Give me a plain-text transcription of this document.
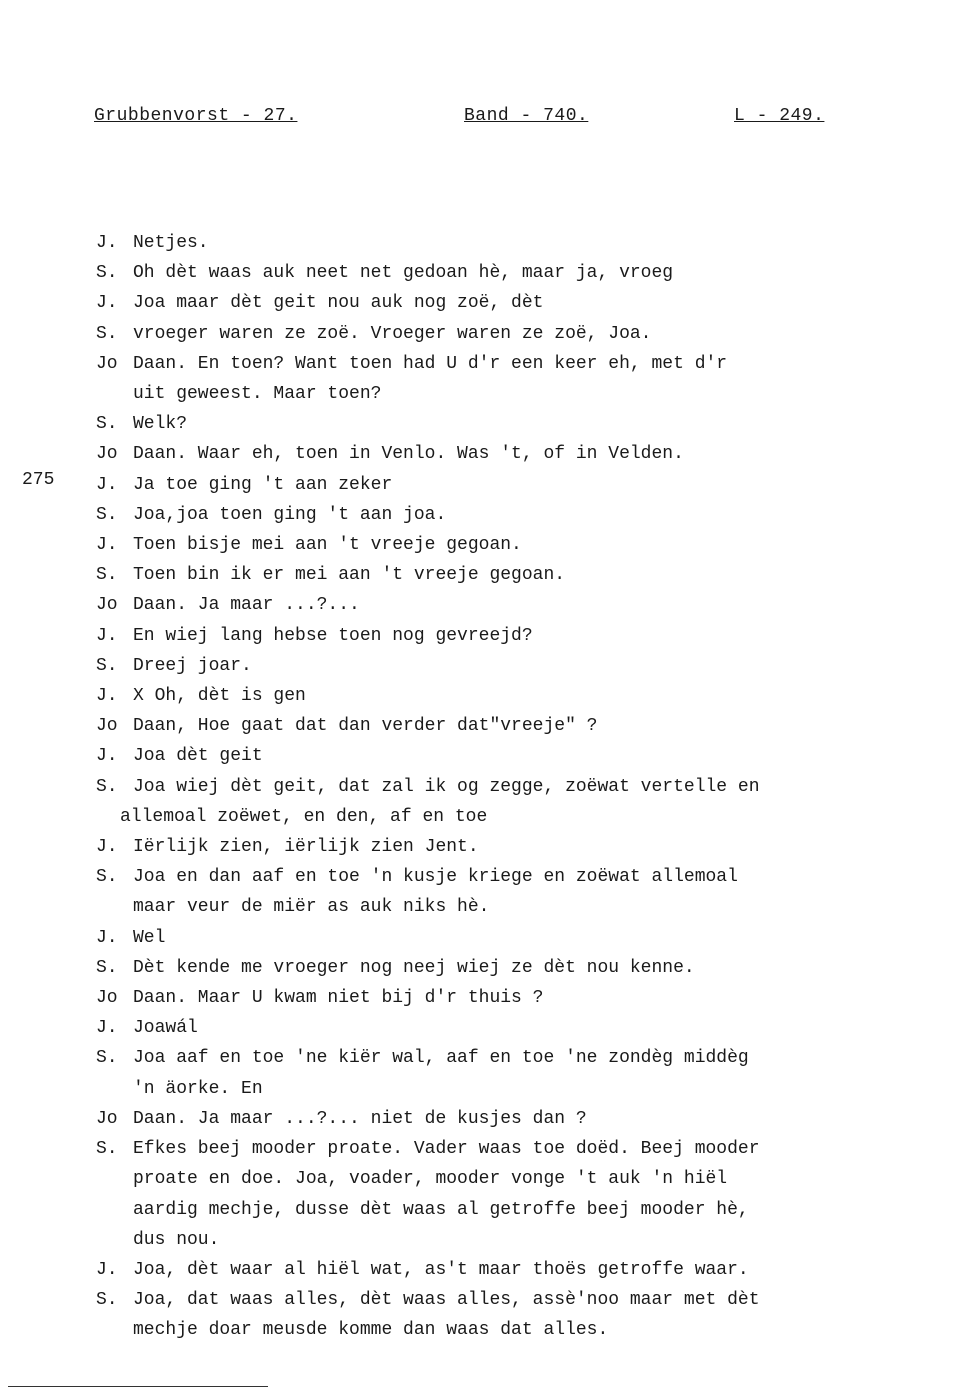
Grubbenvorst - 27.	Band - 740.	L - 249.
275
J. Netjes.
S. Oh dèt waas auk neet net gedoan hè, maar ja, vroeg
J. Joa maar dèt geit nou auk nog zoë, dèt
S. vroeger waren ze zoë. Vroeger waren ze zoë, Joa.
Jo Daan. En toen? Want toen had U d'r een keer eh, met d'r
uit geweest. Maar toen?
S. Welk?
Jo Daan. Waar eh, toen in Venlo. Was 't, of in Velden.
J. Ja toe ging 't aan zeker
S. Joa,joa toen ging 't aan joa.
J. Toen bisje mei aan 't vreeje gegoan.
S. Toen bin ik er mei aan 't vreeje gegoan.
Jo Daan. Ja maar ...?...
J. En wiej lang hebse toen nog gevreejd?
S. Dreej joar.
J. X Oh, dèt is gen
Jo Daan, Hoe gaat dat dan verder dat"vreeje" ?
J. Joa dèt geit
S. Joa wiej dèt geit, dat zal ik og zegge, zoëwat vertelle en
allemoal zoëwet, en den, af en toe
J. Iërlijk zien, iërlijk zien Jent.
S. Joa en dan aaf en toe 'n kusje kriege en zoëwat allemoal
maar veur de miër as auk niks hè.
J. Wel
S. Dèt kende me vroeger nog neej wiej ze dèt nou kenne.
Jo Daan. Maar U kwam niet bij d'r thuis ?
J. Joawál
S. Joa aaf en toe 'ne kiër wal, aaf en toe 'ne zondèg middèg
'n äorke. En
Jo Daan. Ja maar ...?... niet de kusjes dan ?
S. Efkes beej mooder proate. Vader waas toe doëd. Beej mooder
proate en doe. Joa, voader, mooder vonge 't auk 'n hiël
aardig mechje, dusse dèt waas al getroffe beej mooder hè,
dus nou.
J. Joa, dèt waar al hiël wat, as't maar thoës getroffe waar.
S. Joa, dat waas alles, dèt waas alles, assè'noo maar met dèt
mechje doar meusde komme dan waas dat alles.
